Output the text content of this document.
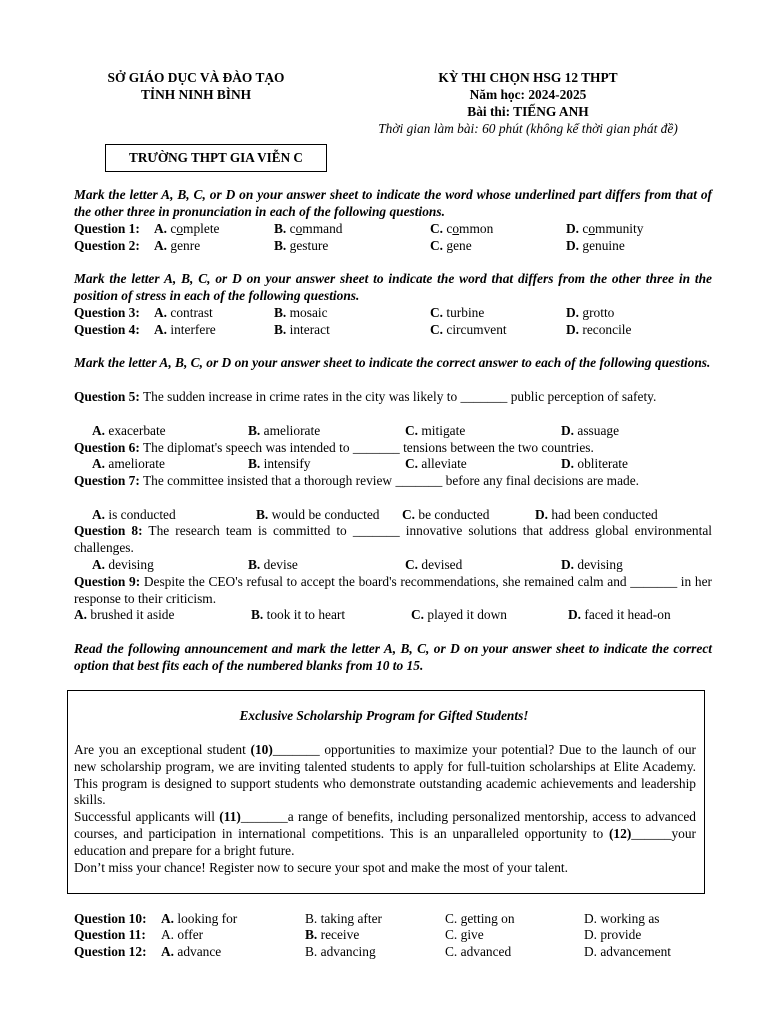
SỞ GIÁO DỤC VÀ ĐÀO TẠO
TỈNH NINH BÌNH
KỲ THI CHỌN HSG 12 THPT
Năm học: 2024-2025
Bài thi: TIẾNG ANH
Thời gian làm bài: 60 phút (không kể thời gian phát đề)
TRƯỜNG THPT GIA VIỄN C
Mark the letter A, B, C, or D on your answer sheet to indicate the word whose underlined part differs from that of the other three in pronunciation in each of the following questions.
Question 1: A. complete	B. command	C. common	D. community
Question 2: A. genre	B. gesture	C. gene	D. genuine
Mark the letter A, B, C, or D on your answer sheet to indicate the word that differs from the other three in the position of stress in each of the following questions.
Question 3: A. contrast	B. mosaic	C. turbine	D. grotto
Question 4: A. interfere	B. interact	C. circumvent	D. reconcile
Mark the letter A, B, C, or D on your answer sheet to indicate the correct answer to each of the following questions.
Question 5: The sudden increase in crime rates in the city was likely to _______ public perception of safety.
A. exacerbate	B. ameliorate	C. mitigate	D. assuage
Question 6: The diplomat's speech was intended to _______ tensions between the two countries.
A. ameliorate	B. intensify	C. alleviate	D. obliterate
Question 7: The committee insisted that a thorough review _______ before any final decisions are made.
A. is conducted	B. would be conducted C. be conducted	D. had been conducted
Question 8: The research team is committed to _______ innovative solutions that address global environmental challenges.
A. devising	B. devise	C. devised	D. devising
Question 9: Despite the CEO's refusal to accept the board's recommendations, she remained calm and _______ in her response to their criticism.
A. brushed it aside	B. took it to heart	C. played it down	D. faced it head-on
Read the following announcement and mark the letter A, B, C, or D on your answer sheet to indicate the correct option that best fits each of the numbered blanks from 10 to 15.
Exclusive Scholarship Program for Gifted Students!
Are you an exceptional student (10)_______ opportunities to maximize your potential? Due to the launch of our new scholarship program, we are inviting talented students to apply for full-tuition scholarships at Elite Academy. This program is designed to support students who demonstrate outstanding academic achievements and leadership skills.
Successful applicants will (11)_______a range of benefits, including personalized mentorship, access to advanced courses, and participation in international competitions. This is an unparalleled opportunity to (12)______your education and prepare for a bright future.
Don’t miss your chance! Register now to secure your spot and make the most of your talent.
Question 10: A. looking for	B. taking after	C. getting on	D. working as
Question 11: A. offer	B. receive	C. give	D. provide
Question 12: A. advance	B. advancing	C. advanced	D. advancement
